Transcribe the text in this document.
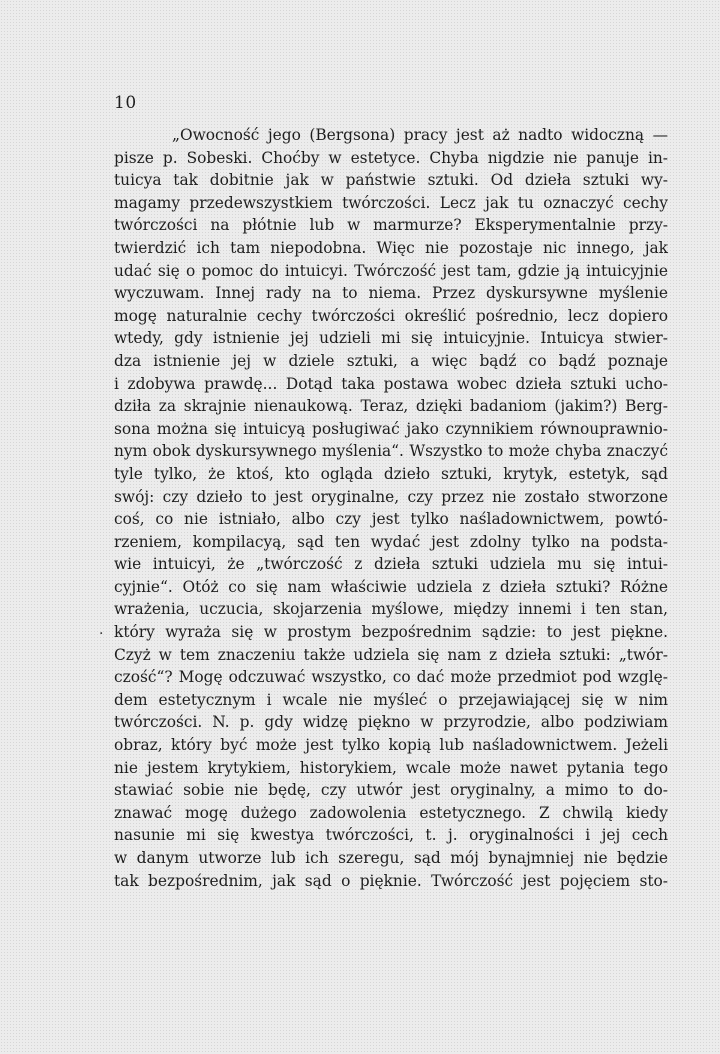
10
·
„Owocność jego (Bergsona) pracy jest aż nadto widoczną —
pisze p. Sobeski. Choćby w estetyce. Chyba nigdzie nie panuje in-
tuicya tak dobitnie jak w państwie sztuki. Od dzieła sztuki wy-
magamy przedewszystkiem twórczości. Lecz jak tu oznaczyć cechy
twórczości na płótnie lub w marmurze? Eksperymentalnie przy-
twierdzić ich tam niepodobna. Więc nie pozostaje nic innego, jak
udać się o pomoc do intuicyi. Twórczość jest tam, gdzie ją intuicyjnie
wyczuwam. Innej rady na to niema. Przez dyskursywne myślenie
mogę naturalnie cechy twórczości określić pośrednio, lecz dopiero
wtedy, gdy istnienie jej udzieli mi się intuicyjnie. Intuicya stwier-
dza istnienie jej w dziele sztuki, a więc bądź co bądź poznaje
i zdobywa prawdę... Dotąd taka postawa wobec dzieła sztuki ucho-
dziła za skrajnie nienaukową. Teraz, dzięki badaniom (jakim?) Berg-
sona można się intuicyą posługiwać jako czynnikiem równouprawnio-
nym obok dyskursywnego myślenia“. Wszystko to może chyba znaczyć
tyle tylko, że ktoś, kto ogląda dzieło sztuki, krytyk, estetyk, sąd
swój: czy dzieło to jest oryginalne, czy przez nie zostało stworzone
coś, co nie istniało, albo czy jest tylko naśladownictwem, powtó-
rzeniem, kompilacyą, sąd ten wydać jest zdolny tylko na podsta-
wie intuicyi, że „twórczość z dzieła sztuki udziela mu się intui-
cyjnie“. Otóż co się nam właściwie udziela z dzieła sztuki? Różne
wrażenia, uczucia, skojarzenia myślowe, między innemi i ten stan,
który wyraża się w prostym bezpośrednim sądzie: to jest piękne.
Czyż w tem znaczeniu także udziela się nam z dzieła sztuki: „twór-
czość“? Mogę odczuwać wszystko, co dać może przedmiot pod wzglę-
dem estetycznym i wcale nie myśleć o przejawiającej się w nim
twórczości. N. p. gdy widzę piękno w przyrodzie, albo podziwiam
obraz, który być może jest tylko kopią lub naśladownictwem. Jeżeli
nie jestem krytykiem, historykiem, wcale może nawet pytania tego
stawiać sobie nie będę, czy utwór jest oryginalny, a mimo to do-
znawać mogę dużego zadowolenia estetycznego. Z chwilą kiedy
nasunie mi się kwestya twórczości, t. j. oryginalności i jej cech
w danym utworze lub ich szeregu, sąd mój bynajmniej nie będzie
tak bezpośrednim, jak sąd o pięknie. Twórczość jest pojęciem sto-
